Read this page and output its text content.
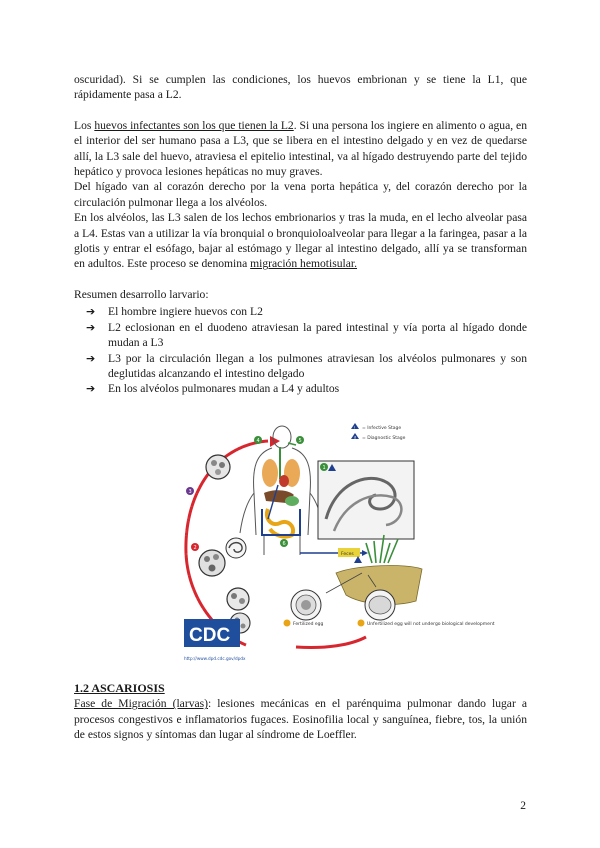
oscuridad). Si se cumplen las condiciones, los huevos embrionan y se tiene la L1, que rápidamente pasa a L2.

Los huevos infectantes son los que tienen la L2. Si una persona los ingiere en alimento o agua, en el interior del ser humano pasa a L3, que se libera en el intestino delgado y en vez de quedarse allí, la L3 sale del huevo, atraviesa el epitelio intestinal, va al hígado destruyendo parte del tejido hepático y provoca lesiones hepáticas no muy graves.

Del hígado van al corazón derecho por la vena porta hepática y, del corazón derecho por la circulación pulmonar llega a los alvéolos.

En los alvéolos, las L3 salen de los lechos embrionarios y tras la muda, en el lecho alveolar pasa a L4. Estas van a utilizar la vía bronquial o bronquioloalveolar para llegar a la faringea, pasar a la glotis y entrar el esófago, bajar al estómago y llegar al intestino delgado, allí ya se transforman en adultos. Este proceso se denomina migración hemotisular.

Resumen desarrollo larvario:

➔ El hombre ingiere huevos con L2
➔ L2 eclosionan en el duodeno atraviesan la pared intestinal y vía porta al hígado donde mudan a L3
➔ L3 por la circulación llegan a los pulmones atraviesan los alvéolos pulmonares y son deglutidas alcanzando el intestino delgado
➔ En los alvéolos pulmonares mudan a L4 y adultos
4
3
2
5
6
1
Feces
Fertilized egg	Unfertilized egg will not undergo biological development
CDC
http://www.dpd.cdc.gov/dpdx
i = Infective Stage
d = Diagnostic Stage

1.2 ASCARIOSIS

Fase de Migración (larvas): lesiones mecánicas en el parénquima pulmonar dando lugar a procesos congestivos e inflamatorios fugaces. Eosinofilia local y sanguínea, fiebre, tos, la unión de estos signos y síntomas dan lugar al síndrome de Loeffler.

2
